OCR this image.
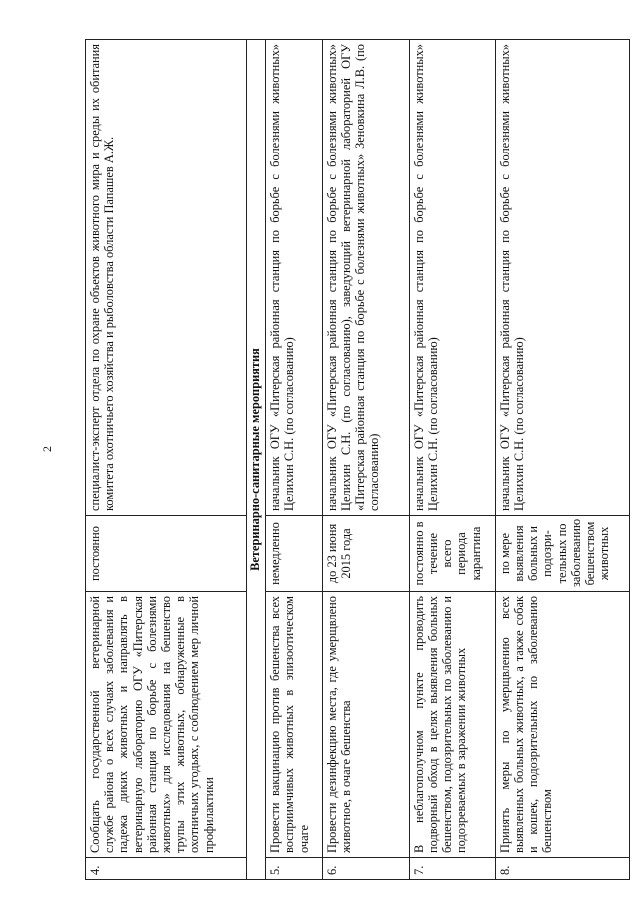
2
4.	Сообщать государственной ветеринарной службе района о всех случаях заболевания и падежа диких животных и направлять в ветеринарную лабораторию ОГУ «Питерская районная станция по борьбе с болезнями животных» для исследования на бешенство трупы этих животных, обнаруженные в охотничьих угодьях, с соблюдением мер личной профилактики	постоянно	специалист-эксперт отдела по охране объектов животного мира и среды их обитания комитета охотничьего хозяйства и рыболовства области Папашев А.Ж.
Ветеринарно-санитарные мероприятия			
5.	Провести вакцинацию против бешенства всех восприимчивых животных в эпизоотическом очаге	немедленно	начальник ОГУ «Питерская районная станция по борьбе с болезнями животных» Целихин С.Н. (по согласованию)
6.	Провести дезинфекцию места, где умерщвлено животное, в очаге бешенства	до 23 июня 2015 года	начальник ОГУ «Питерская районная станция по борьбе с болезнями животных» Целихин С.Н. (по согласованию), заведующий ветеринарной лабораторией ОГУ «Питерская районная станция по борьбе с болезнями животных» Зеновкина Л.В. (по согласованию)
7.	В неблагополучном пункте проводить подворный обход в целях выявления больных бешенством, подозрительных по заболеванию и подозреваемых в заражении животных	постоянно в течение всего периода карантина	начальник ОГУ «Питерская районная станция по борьбе с болезнями животных» Целихин С.Н. (по согласованию)
8.	Принять меры по умерщвлению всех выявленных больных животных, а также собак и кошек, подозрительных по заболеванию бешенством	по мере выявления больных и подозри-тельных по заболеванию бешенством животных	начальник ОГУ «Питерская районная станция по борьбе с болезнями животных» Целихин С.Н. (по согласованию)
